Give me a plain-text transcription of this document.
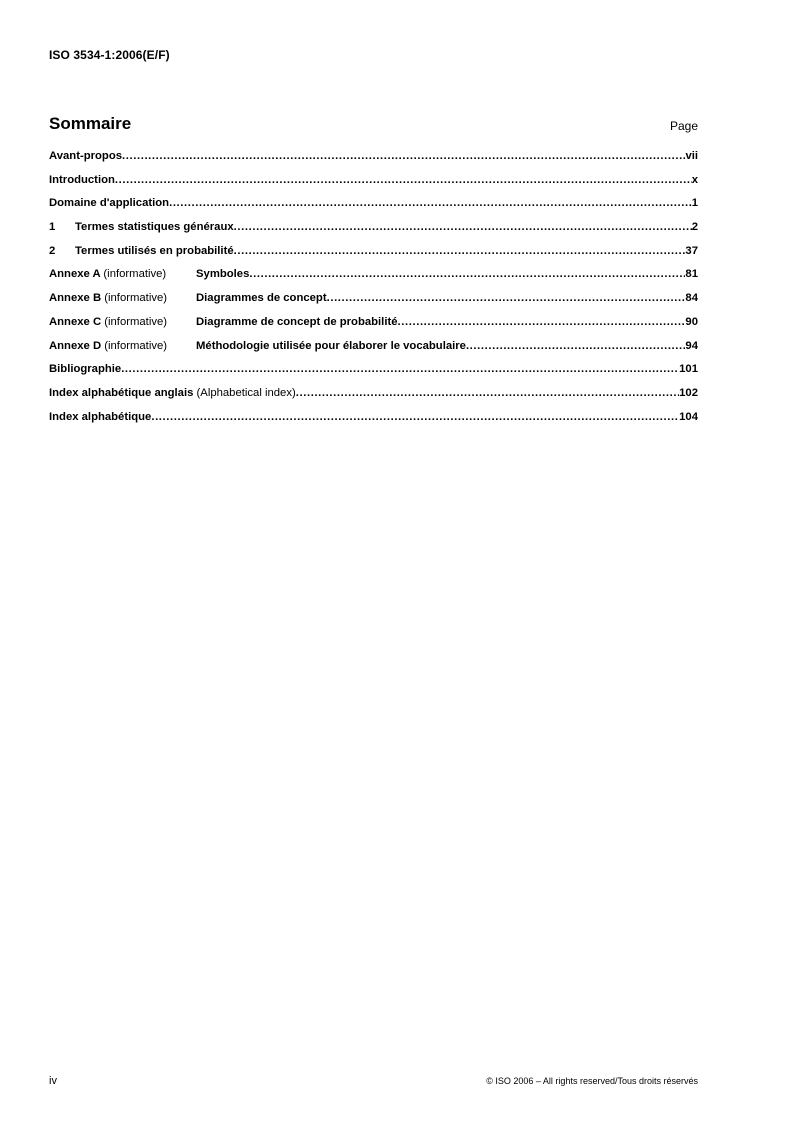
ISO 3534-1:2006(E/F)
Sommaire	Page
Avant-propos .....	vii
Introduction .....	x
Domaine d'application .....	1
1 Termes statistiques généraux .....	2
2 Termes utilisés en probabilité .....	37
Annexe A (informative)	Symboles .....	81
Annexe B (informative)	Diagrammes de concept .....	84
Annexe C (informative)	Diagramme de concept de probabilité .....	90
Annexe D (informative)	Méthodologie utilisée pour élaborer le vocabulaire .....	94
Bibliographie .....	101
Index alphabétique anglais (Alphabetical index) .....	102
Index alphabétique .....	104
iv	© ISO 2006 – All rights reserved/Tous droits réservés
